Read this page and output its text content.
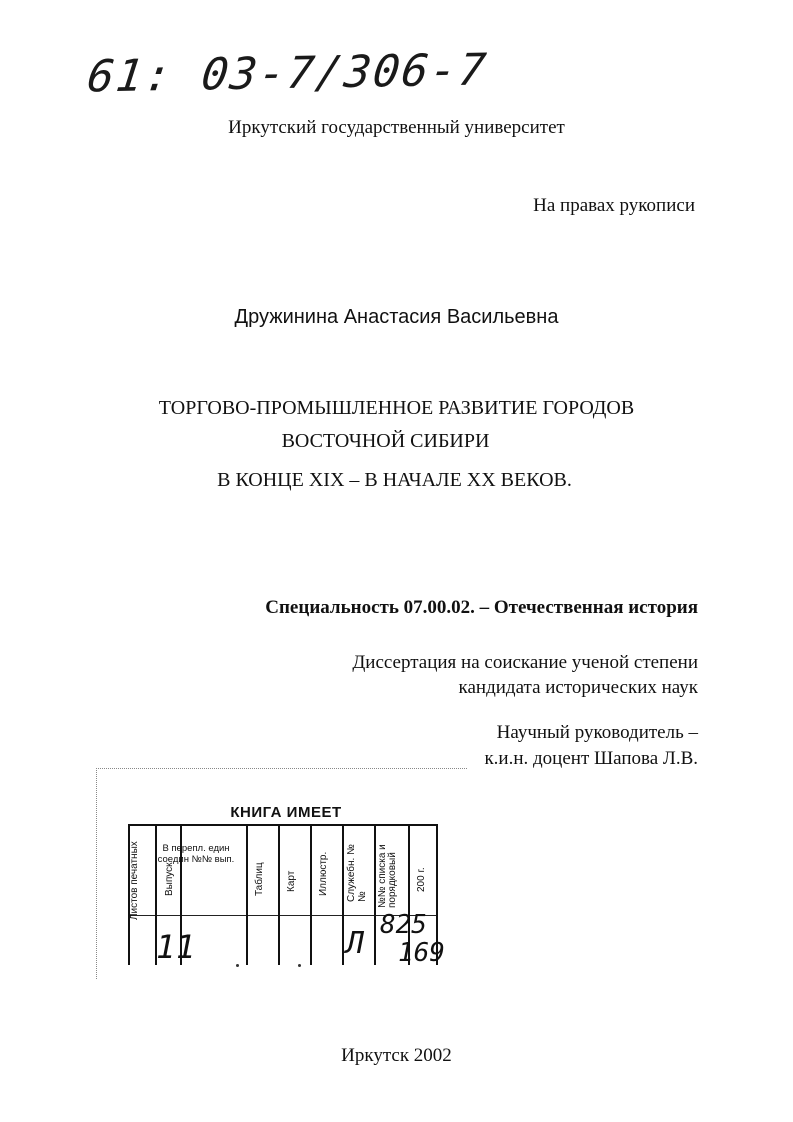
61: 03-7/306-7
Иркутский государственный университет
На правах рукописи
Дружинина Анастасия Васильевна
ТОРГОВО-ПРОМЫШЛЕННОЕ РАЗВИТИЕ ГОРОДОВ
ВОСТОЧНОЙ СИБИРИ
В КОНЦЕ XIX – В НАЧАЛЕ XX ВЕКОВ.
Специальность 07.00.02. – Отечественная история
Диссертация на соискание ученой степени
кандидата исторических наук
Научный руководитель –
к.и.н. доцент Шапова Л.В.
КНИГА ИМЕЕТ
Листов печатных Выпуск
В перепл. един соедин №№ вып.
Таблиц Карт Иллюстр. Служебн. №№ №№ списка и порядковый 200 г.
1 1	Л
825
169
Иркутск 2002
